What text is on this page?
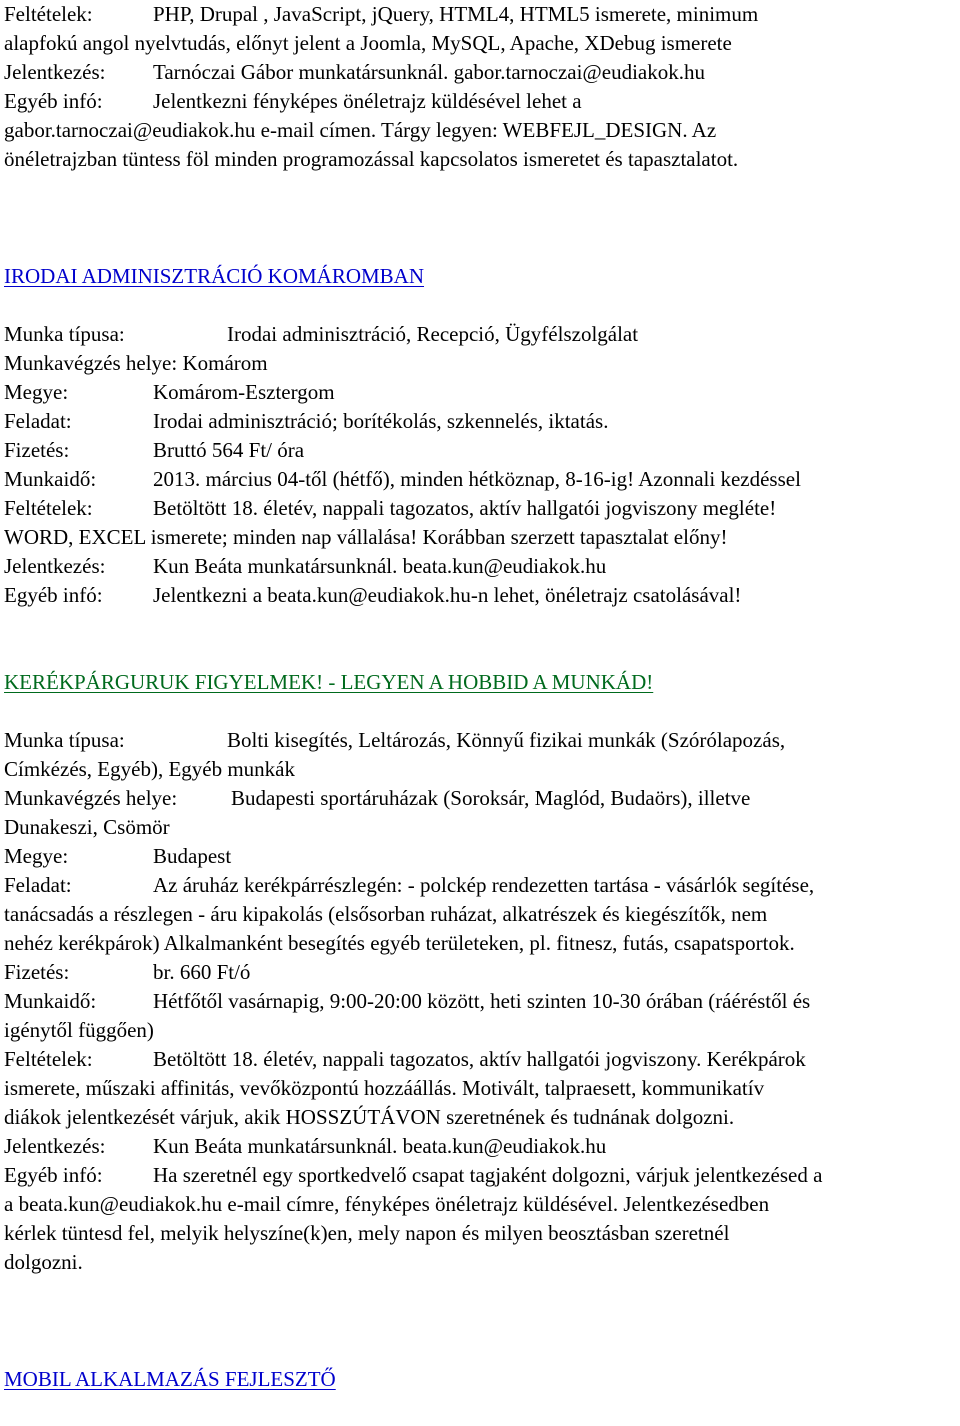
Feltételek:	PHP, Drupal , JavaScript, jQuery, HTML4, HTML5 ismerete, minimum
alapfokú angol nyelvtudás, előnyt jelent a Joomla, MySQL, Apache, XDebug ismerete
Jelentkezés: Tarnóczai Gábor munkatársunknál. gabor.tarnoczai@eudiakok.hu
Egyéb infó: Jelentkezni fényképes önéletrajz küldésével lehet a
gabor.tarnoczai@eudiakok.hu e-mail címen. Tárgy legyen: WEBFEJL_DESIGN. Az
önéletrajzban tüntess föl minden programozással kapcsolatos ismeretet és tapasztalatot.
IRODAI ADMINISZTRÁCIÓ KOMÁROMBAN
Munka típusa:	Irodai adminisztráció, Recepció, Ügyfélszolgálat
Munkavégzés helye: Komárom
Megye:	Komárom-Esztergom
Feladat:	Irodai adminisztráció; borítékolás, szkennelés, iktatás.
Fizetés:	Bruttó 564 Ft/ óra
Munkaidő:	2013. március 04-től (hétfő), minden hétköznap, 8-16-ig! Azonnali kezdéssel
Feltételek:	Betöltött 18. életév, nappali tagozatos, aktív hallgatói jogviszony megléte!
WORD, EXCEL ismerete; minden nap vállalása! Korábban szerzett tapasztalat előny!
Jelentkezés: Kun Beáta munkatársunknál. beata.kun@eudiakok.hu
Egyéb infó: Jelentkezni a beata.kun@eudiakok.hu-n lehet, önéletrajz csatolásával!
KERÉKPÁRGURUK FIGYELMEK! - LEGYEN A HOBBID A MUNKÁD!
Munka típusa:	Bolti kisegítés, Leltározás, Könnyű fizikai munkák (Szórólapozás,
Címkézés, Egyéb), Egyéb munkák
Munkavégzés helye:	Budapesti sportáruházak (Soroksár, Maglód, Budaörs), illetve
Dunakeszi, Csömör
Megye:	Budapest
Feladat:	Az áruház kerékpárrészlegén: - polckép rendezetten tartása - vásárlók segítése,
tanácsadás a részlegen - áru kipakolás (elsősorban ruházat, alkatrészek és kiegészítők, nem
nehéz kerékpárok) Alkalmanként besegítés egyéb területeken, pl. fitnesz, futás, csapatsportok.
Fizetés:	br. 660 Ft/ó
Munkaidő:	Hétfőtől vasárnapig, 9:00-20:00 között, heti szinten 10-30 órában (ráéréstől és
igénytől függően)
Feltételek:	Betöltött 18. életév, nappali tagozatos, aktív hallgatói jogviszony. Kerékpárok
ismerete, műszaki affinitás, vevőközpontú hozzáállás. Motivált, talpraesett, kommunikatív
diákok jelentkezését várjuk, akik HOSSZÚTÁVON szeretnének és tudnának dolgozni.
Jelentkezés: Kun Beáta munkatársunknál. beata.kun@eudiakok.hu
Egyéb infó: Ha szeretnél egy sportkedvelő csapat tagjaként dolgozni, várjuk jelentkezésed a
a beata.kun@eudiakok.hu e-mail címre, fényképes önéletrajz küldésével. Jelentkezésedben
kérlek tüntesd fel, melyik helyszíne(k)en, mely napon és milyen beosztásban szeretnél
dolgozni.
MOBIL ALKALMAZÁS FEJLESZTŐ
